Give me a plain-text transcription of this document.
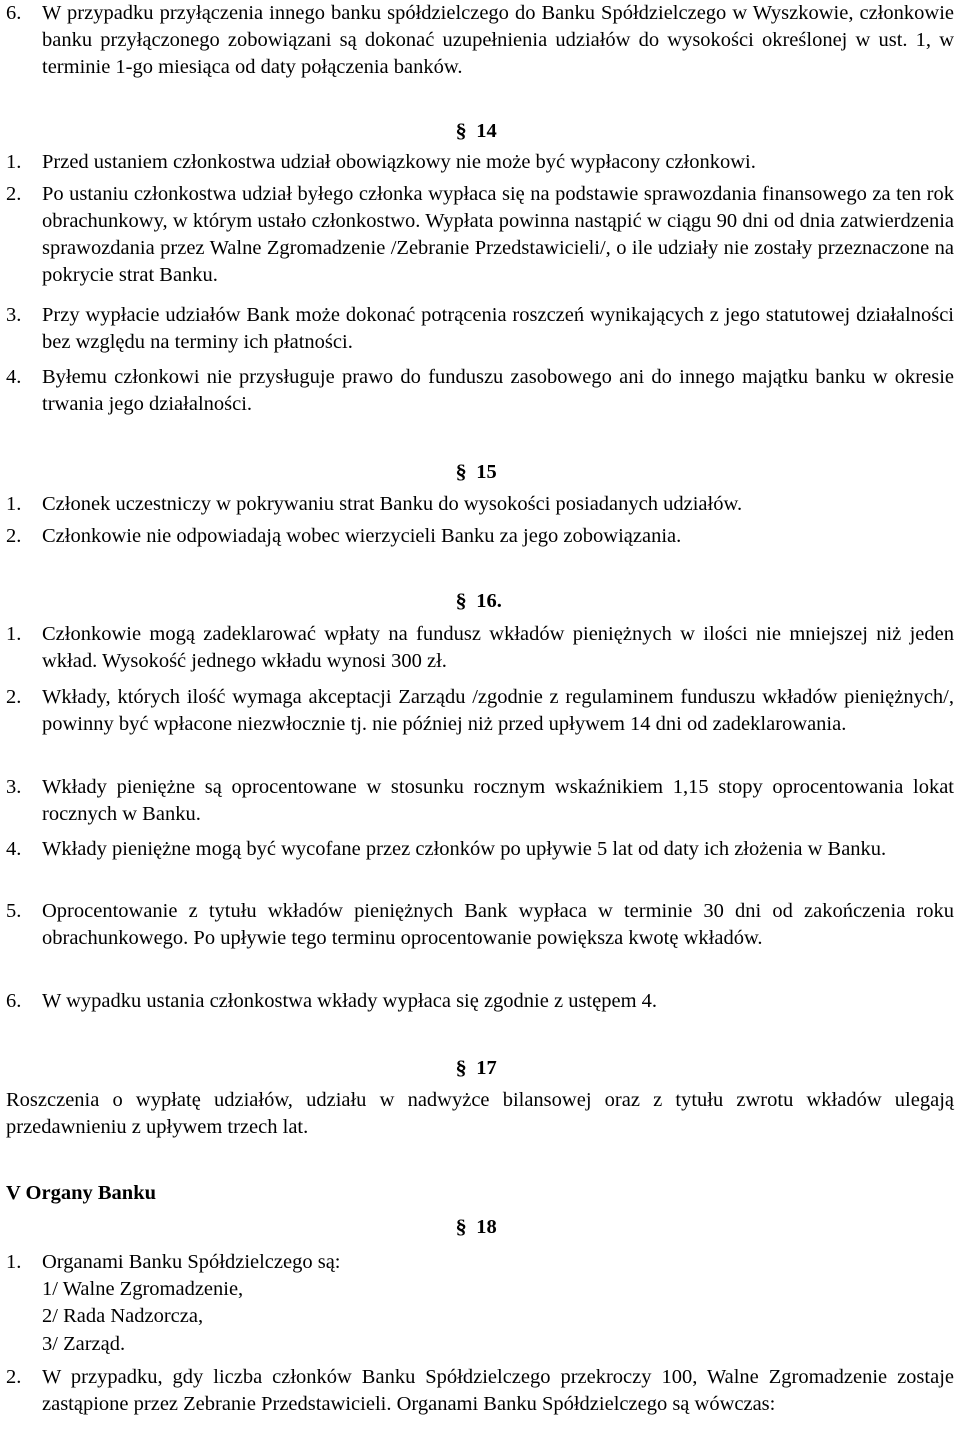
6. W przypadku przyłączenia innego banku spółdzielczego do Banku Spółdzielczego w Wyszkowie, członkowie banku przyłączonego zobowiązani są dokonać uzupełnienia udziałów do wysokości określonej w ust. 1, w terminie 1-go miesiąca od daty połączenia banków.
§ 14
1. Przed ustaniem członkostwa udział obowiązkowy nie może być wypłacony członkowi.
2. Po ustaniu członkostwa udział byłego członka wypłaca się na podstawie sprawozdania finansowego za ten rok obrachunkowy, w którym ustało członkostwo. Wypłata powinna nastąpić w ciągu 90 dni od dnia zatwierdzenia sprawozdania przez Walne Zgromadzenie /Zebranie Przedstawicieli/, o ile udziały nie zostały przeznaczone na pokrycie strat Banku.
3. Przy wypłacie udziałów Bank może dokonać potrącenia roszczeń wynikających z jego statutowej działalności bez względu na terminy ich płatności.
4. Byłemu członkowi nie przysługuje prawo do funduszu zasobowego ani do innego majątku banku w okresie trwania jego działalności.
§ 15
1. Członek uczestniczy w pokrywaniu strat Banku do wysokości posiadanych udziałów.
2. Członkowie nie odpowiadają wobec wierzycieli Banku za jego zobowiązania.
§ 16.
1. Członkowie mogą zadeklarować wpłaty na fundusz wkładów pieniężnych w ilości nie mniejszej niż jeden wkład. Wysokość jednego wkładu wynosi 300 zł.
2. Wkłady, których ilość wymaga akceptacji Zarządu /zgodnie z regulaminem funduszu wkładów pieniężnych/, powinny być wpłacone niezwłocznie tj. nie później niż przed upływem 14 dni od zadeklarowania.
3. Wkłady pieniężne są oprocentowane w stosunku rocznym wskaźnikiem 1,15 stopy oprocentowania lokat rocznych w Banku.
4. Wkłady pieniężne mogą być wycofane przez członków po upływie 5 lat od daty ich złożenia w Banku.
5. Oprocentowanie z tytułu wkładów pieniężnych Bank wypłaca w terminie 30 dni od zakończenia roku obrachunkowego. Po upływie tego terminu oprocentowanie powiększa kwotę wkładów.
6. W wypadku ustania członkostwa wkłady wypłaca się zgodnie z ustępem 4.
§ 17
Roszczenia o wypłatę udziałów, udziału w nadwyżce bilansowej oraz z tytułu zwrotu wkładów ulegają przedawnieniu z upływem trzech lat.
V Organy Banku
§ 18
1. Organami Banku Spółdzielczego są:
1/ Walne Zgromadzenie,
2/ Rada Nadzorcza,
3/ Zarząd.
2. W przypadku, gdy liczba członków Banku Spółdzielczego przekroczy 100, Walne Zgromadzenie zostaje zastąpione przez Zebranie Przedstawicieli. Organami Banku Spółdzielczego są wówczas:
